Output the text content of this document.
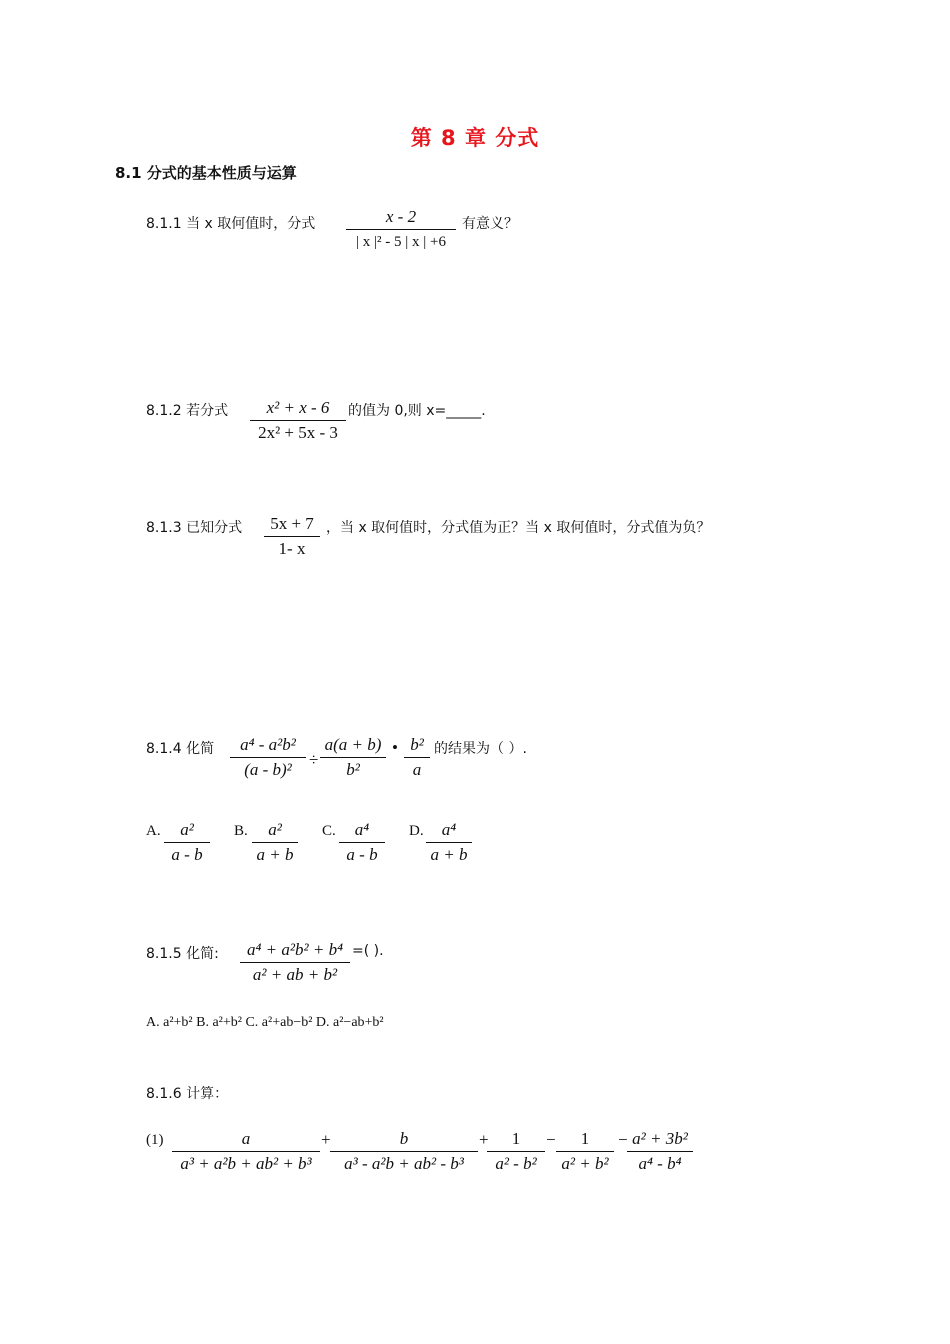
第 8 章 分式
8.1 分式的基本性质与运算
8.1.1 当 x 取何值时，分式	x - 2
| x |² - 5 | x | +6
有意义？
8.1.2 若分式	x² + x - 6
2x² + 5x - 3
的值为 0,则 x=_____.
8.1.3 已知分式	5x + 7
1- x
，当 x 取何值时，分式值为正？当 x 取何值时，分式值为负？
8.1.4 化简	a⁴ - a²b²
(a - b)²
÷
a(a + b)
b²
• b²
a
的结果为（ ）.
A.	a²
a - b
B.	a²
a + b
C.	a⁴
a - b
D.	a⁴
a + b
8.1.5 化简:	a⁴ + a²b² + b⁴
a² + ab + b²
=( ).
A. a²+b² B. a²+b² C. a²+ab−b² D. a²−ab+b²
8.1.6 计算：
(1)	a
a³ + a²b + ab² + b³
+	b
a³ - a²b + ab² - b³
+	1
a² - b²
−	1
a² + b²
− a² + 3b²
a⁴ - b⁴
